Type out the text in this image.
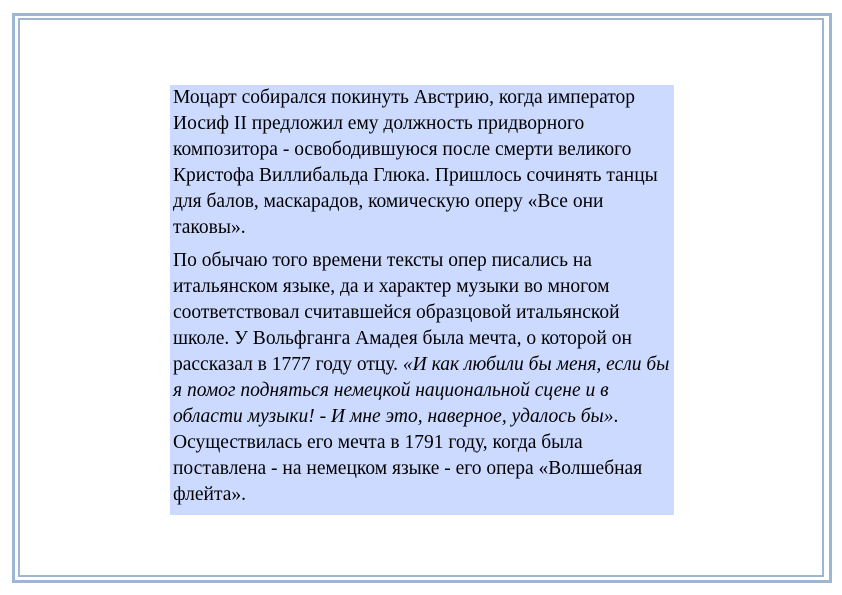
Моцарт собирался покинуть Австрию, когда император Иосиф II предложил ему должность придворного композитора - освободившуюся после смерти великого Кристофа Виллибальда Глюка. Пришлось сочинять танцы для балов, маскарадов, комическую оперу «Все они таковы».

По обычаю того времени тексты опер писались на итальянском языке, да и характер музыки во многом соответствовал считавшейся образцовой итальянской школе. У Вольфганга Амадея была мечта, о которой он рассказал в 1777 году отцу. «И как любили бы меня, если бы я помог подняться немецкой национальной сцене и в области музыки! - И мне это, наверное, удалось бы». Осуществилась его мечта в 1791 году, когда была поставлена - на немецком языке - его опера «Волшебная флейта».
